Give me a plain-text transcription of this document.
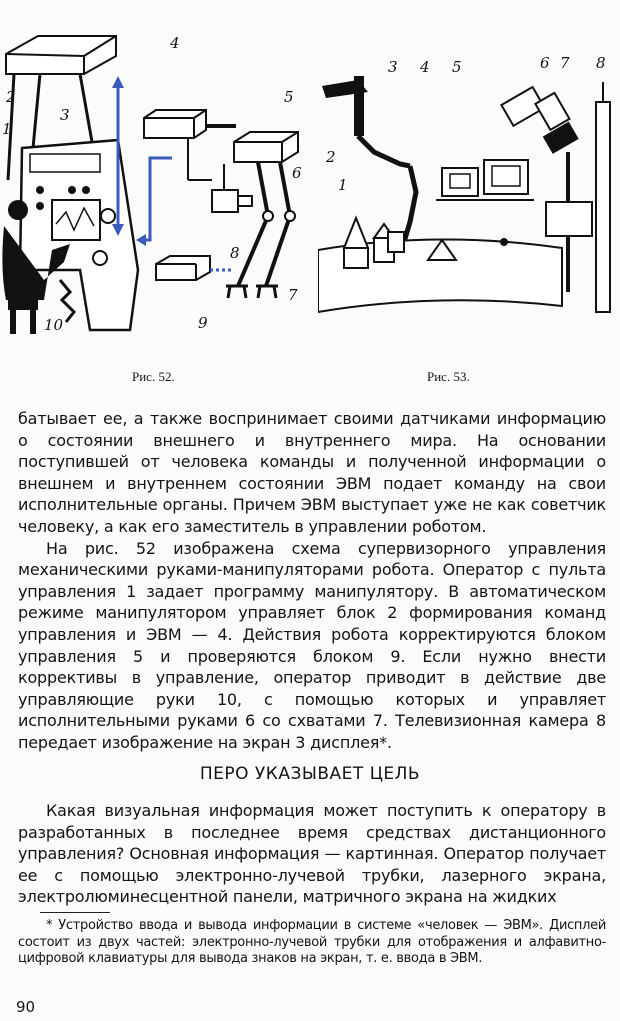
4
2
3
1
5
6
8
7
9
10
3 4 5	6 7 8
2
1
Рис. 52.	Рис. 53.

батывает ее, а также воспринимает своими датчиками информацию о состоянии внешнего и внутреннего мира. На основании поступившей от человека команды и полученной информации о внешнем и внутреннем состоянии ЭВМ подает команду на свои исполнительные органы. Причем ЭВМ выступает уже не как советчик человеку, а как его заместитель в управлении роботом.

На рис. 52 изображена схема супервизорного управления механическими руками-манипуляторами робота. Оператор с пульта управления 1 задает программу манипулятору. В автоматическом режиме манипулятором управляет блок 2 формирования команд управления и ЭВМ — 4. Действия робота корректируются блоком управления 5 и проверяются блоком 9. Если нужно внести коррективы в управление, оператор приводит в действие две управляющие руки 10, с помощью которых и управляет исполнительными руками 6 со схватами 7. Телевизионная камера 8 передает изображение на экран 3 дисплея*.

ПЕРО УКАЗЫВАЕТ ЦЕЛЬ

Какая визуальная информация может поступить к оператору в разработанных в последнее время средствах дистанционного управления? Основная информация — картинная. Оператор получает ее с помощью электронно-лучевой трубки, лазерного экрана, электролюминесцентной панели, матричного экрана на жидких

* Устройство ввода и вывода информации в системе «человек — ЭВМ». Дисплей состоит из двух частей: электронно-лучевой трубки для отображения и алфавитно-цифровой клавиатуры для вывода знаков на экран, т. е. ввода в ЭВМ.

90
